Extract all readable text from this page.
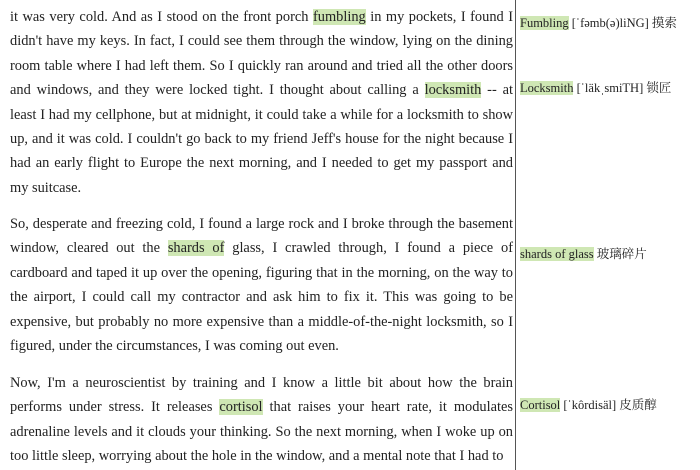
it was very cold. And as I stood on the front porch fumbling in my pockets, I found I
didn't have my keys. In fact, I could see them through the window, lying on the dining
room table where I had left them. So I quickly ran around and tried all the other doors
and windows, and they were locked tight. I thought about calling a locksmith -- at
least I had my cellphone, but at midnight, it could take a while for a locksmith to show
up, and it was cold. I couldn't go back to my friend Jeff's house for the night because I
had an early flight to Europe the next morning, and I needed to get my passport and
my suitcase.
So, desperate and freezing cold, I found a large rock and I broke through the basement
window, cleared out the shards of glass, I crawled through, I found a piece of
cardboard and taped it up over the opening, figuring that in the morning, on the way to
the airport, I could call my contractor and ask him to fix it. This was going to be
expensive, but probably no more expensive than a middle-of-the-night locksmith, so I
figured, under the circumstances, I was coming out even.
Now, I'm a neuroscientist by training and I know a little bit about how the brain
performs under stress. It releases cortisol that raises your heart rate, it modulates
adrenaline levels and it clouds your thinking. So the next morning, when I woke up on
too little sleep, worrying about the hole in the window, and a mental note that I had to
Fumbling [ˈfəmb(ə)liNG] 摸索
Locksmith [ˈläkˌsmiTH] 锁匠
shards of glass 玻璃碎片
Cortisol [ˈkôrdisäl] 皮质醇
